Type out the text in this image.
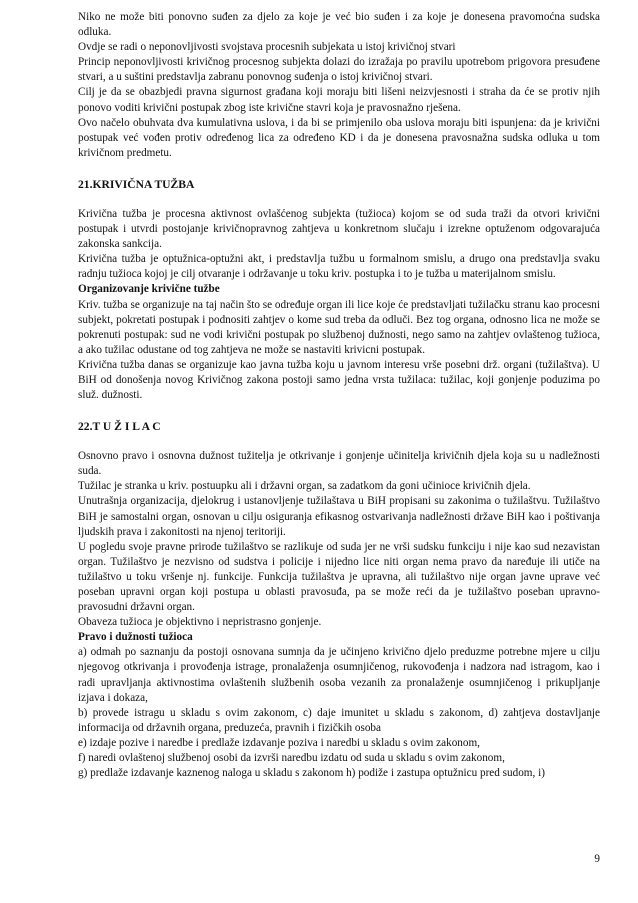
Niko ne može biti ponovno suđen za djelo za koje je već bio suđen i za koje je donesena pravomoćna sudska odluka.

Ovdje se radi o neponovljivosti svojstava procesnih subjekata u istoj krivičnoj stvari

Princip neponovljivosti krivičnog procesnog subjekta dolazi do izražaja po pravilu upotrebom prigovora presuđene stvari, a u suštini predstavlja zabranu ponovnog suđenja o istoj krivičnoj stvari.

Cilj je da se obazbjedi pravna sigurnost građana koji moraju biti lišeni neizvjesnosti i straha da će se protiv njih ponovo voditi krivični postupak zbog iste krivične stavri koja je pravosnažno rješena.

Ovo načelo obuhvata dva kumulativna uslova, i da bi se primjenilo oba uslova moraju biti ispunjena: da je krivični postupak već vođen protiv određenog lica za određeno KD i da je donesena pravosnažna sudska odluka u tom krivičnom predmetu.

21.KRIVIČNA TUŽBA

Krivična tužba je procesna aktivnost ovlašćenog subjekta (tužioca) kojom se od suda traži da otvori krivični postupak i utvrdi postojanje krivičnopravnog zahtjeva u konkretnom slučaju i izrekne optuženom odgovarajuća zakonska sankcija.

Krivična tužba je optužnica-optužni akt, i predstavlja tužbu u formalnom smislu, a drugo ona predstavlja svaku radnju tužioca kojoj je cilj otvaranje i održavanje u toku kriv. postupka i to je tužba u materijalnom smislu.

Organizovanje krivične tužbe

Kriv. tužba se organizuje na taj način što se određuje organ ili lice koje će predstavljati tužilačku stranu kao procesni subjekt, pokretati postupak i podnositi zahtjev o kome sud treba da odluči. Bez tog organa, odnosno lica ne može se pokrenuti postupak: sud ne vodi krivični postupak po službenoj dužnosti, nego samo na zahtjev ovlaštenog tužioca, a ako tužilac odustane od tog zahtjeva ne može se nastaviti krivicni postupak.

Krivična tužba danas se organizuje kao javna tužba koju u javnom interesu vrše posebni drž. organi (tužilaštva). U BiH od donošenja novog Krivičnog zakona postoji samo jedna vrsta tužilaca: tužilac, koji gonjenje poduzima po služ. dužnosti.

22.T U Ž I L A C

Osnovno pravo i osnovna dužnost tužitelja je otkrivanje i gonjenje učinitelja krivičnih djela koja su u nadležnosti suda.

Tužilac je stranka u kriv. postuupku ali i državni organ, sa zadatkom da goni učinioce krivičnih djela.

Unutrašnja organizacija, djelokrug i ustanovljenje tužilaštava u BiH propisani su zakonima o tužilaštvu. Tužilaštvo BiH je samostalni organ, osnovan u cilju osiguranja efikasnog ostvarivanja nadležnosti države BiH kao i poštivanja ljudskih prava i zakonitosti na njenoj teritoriji.

U pogledu svoje pravne prirode tužilaštvo se razlikuje od suda jer ne vrši sudsku funkciju i nije kao sud nezavistan organ. Tužilaštvo je nezvisno od sudstva i policije i nijedno lice niti organ nema pravo da naređuje ili utiče na tužilaštvo u toku vršenje nj. funkcije. Funkcija tužilaštva je upravna, ali tužilaštvo nije organ javne uprave već poseban upravni organ koji postupa u oblasti pravosuđa, pa se može reći da je tužilaštvo poseban upravno-pravosudni državni organ.

Obaveza tužioca je objektivno i nepristrasno gonjenje.

Pravo i dužnosti tužioca

a) odmah po saznanju da postoji osnovana sumnja da je učinjeno krivično djelo preduzme potrebne mjere u cilju njegovog otkrivanja i provođenja istrage, pronalaženja osumnjičenog, rukovođenja i nadzora nad istragom, kao i radi upravljanja aktivnostima ovlaštenih službenih osoba vezanih za pronalaženje osumnjičenog i prikupljanje izjava i dokaza,

b) provede istragu u skladu s ovim zakonom, c) daje imunitet u skladu s zakonom, d) zahtjeva dostavljanje informacija od državnih organa, preduzeća, pravnih i fizičkih osoba

e) izdaje pozive i naredbe i predlaže izdavanje poziva i naredbi u skladu s ovim zakonom,

f) naredi ovlaštenoj službenoj osobi da izvrši naredbu izdatu od suda u skladu s ovim zakonom,

g) predlaže izdavanje kaznenog naloga u skladu s zakonom h) podiže i zastupa optužnicu pred sudom, i)

9
